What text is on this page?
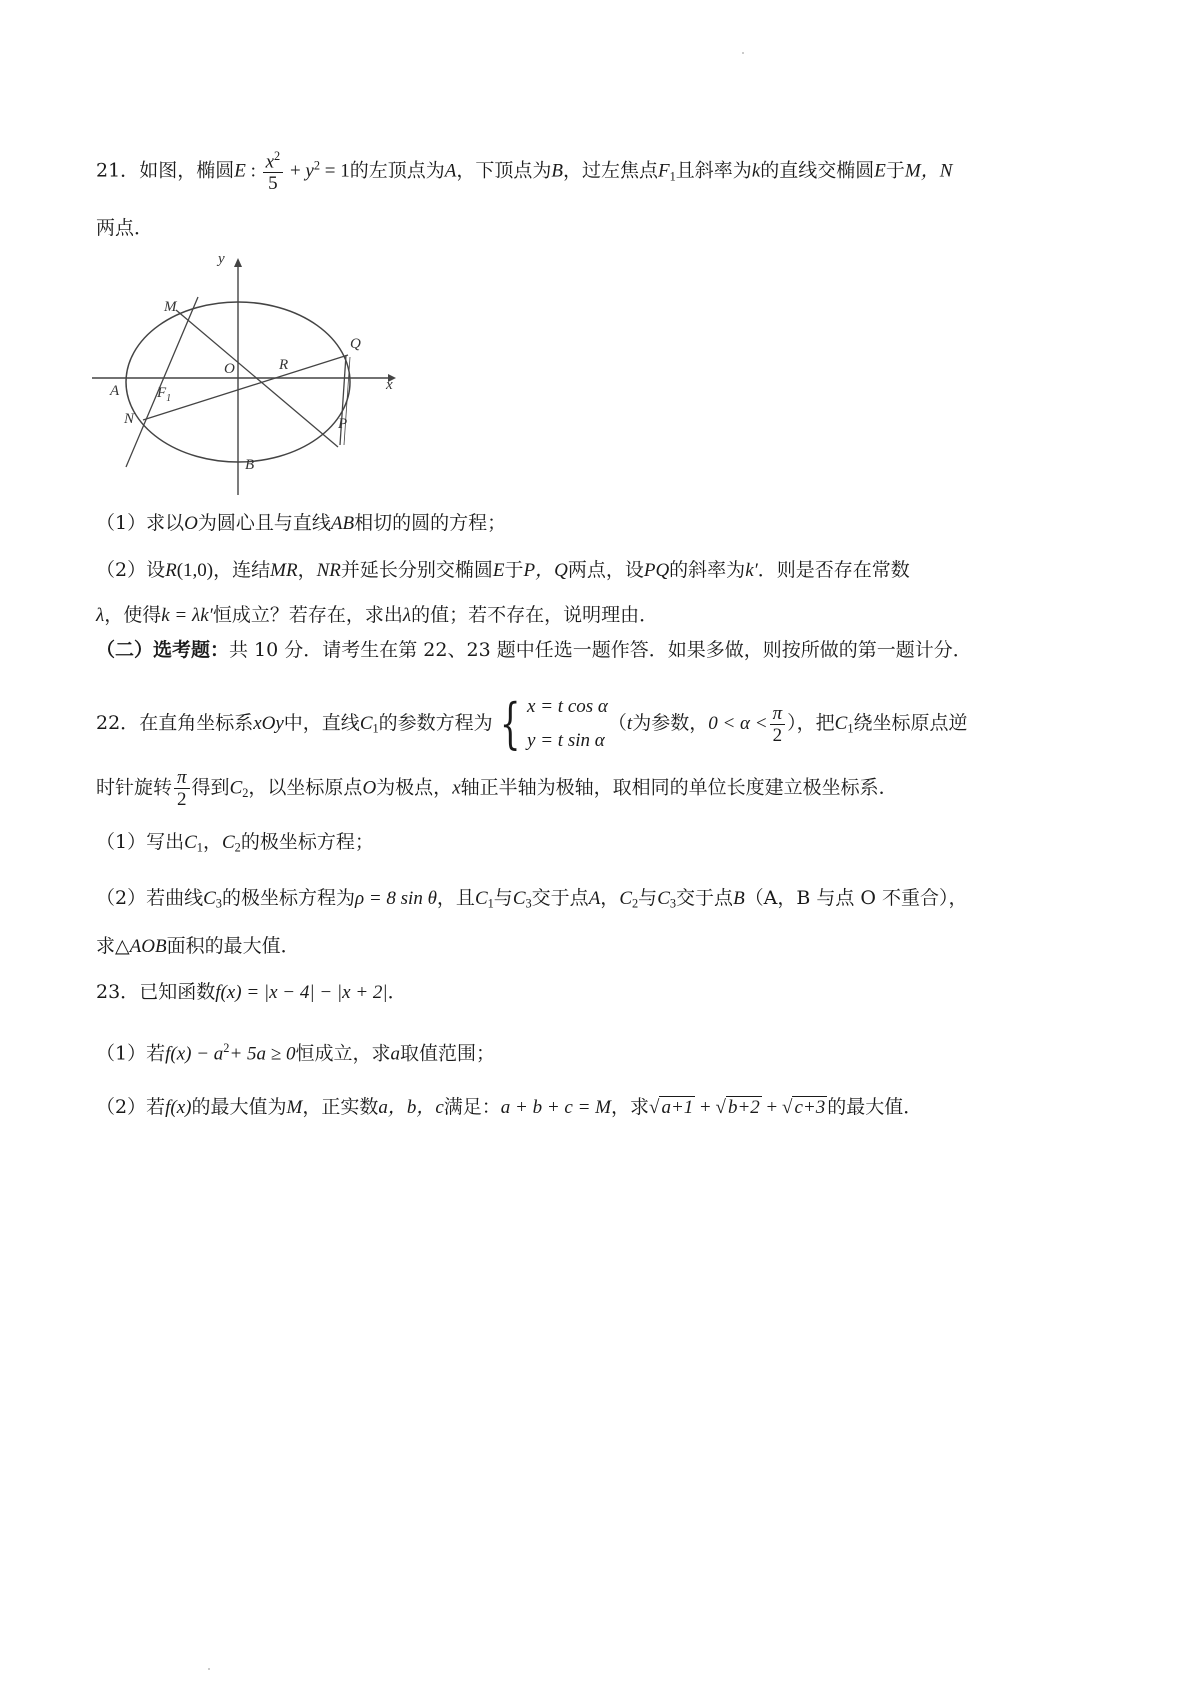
21．如图，椭圆E : $\frac{x^2}{5} + y^2 = 1$的左顶点为A，下顶点为B，过左焦点$F_1$且斜率为k的直线交椭圆E于M，N
两点．
y
x
M
O	R
Q
A	$F_1$
N	P
B
（1）求以O为圆心且与直线AB相切的圆的方程；
（2）设R(1,0)，连结MR，NR并延长分别交椭圆E于P，Q两点，设PQ的斜率为k′．则是否存在常数
λ，使得k = λk′恒成立？若存在，求出λ的值；若不存在，说明理由．
（二）选考题：共 10 分．请考生在第 22、23 题中任选一题作答．如果多做，则按所做的第一题计分．
22．在直角坐标系xOy中，直线$C_1$的参数方程为 { x = t cos α
y = t sin α
（t为参数，$0 < \alpha < \frac{\pi}{2}$ ），把$C_1$绕坐标原点逆
时针旋转 $\frac{\pi}{2}$ 得到$C_2$，以坐标原点O为极点，x轴正半轴为极轴，取相同的单位长度建立极坐标系．
（1）写出$C_1$，$C_2$的极坐标方程；
（2）若曲线$C_3$的极坐标方程为ρ = 8 sin θ，且$C_1$与$C_3$交于点A，$C_2$与$C_3$交于点B（A，B 与点 O 不重合），
求△AOB面积的最大值．
23．已知函数f(x) = |x − 4| − |x + 2|．
（1）若$f(x) - a^2+ 5a \ge 0$恒成立，求a取值范围；
（2）若f(x)的最大值为M，正实数a，b，c满足：a + b + c = M，求√ a+1 + √ b+2 + √ c+3 的最大值．
